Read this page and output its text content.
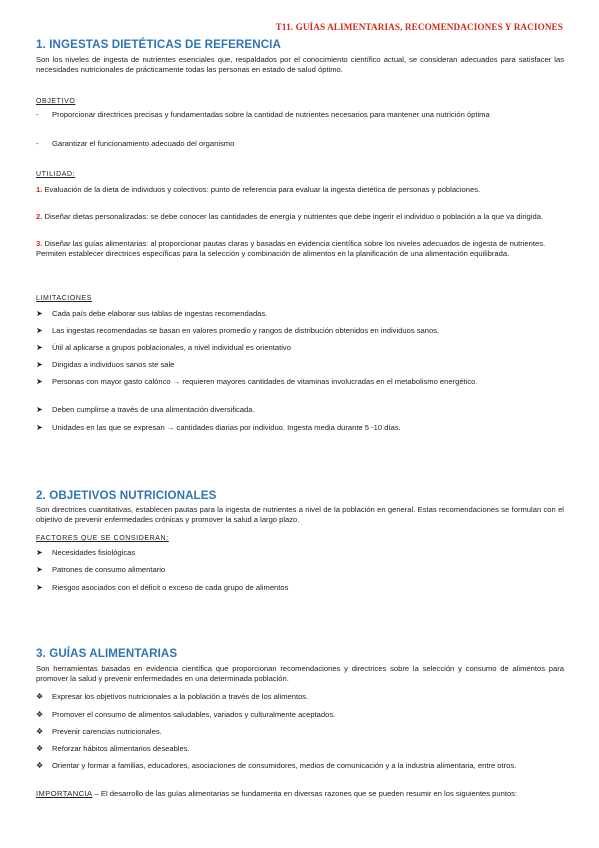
T11. GUÍAS ALIMENTARIAS, RECOMENDACIONES Y RACIONES
1. INGESTAS DIETÉTICAS DE REFERENCIA
Son los niveles de ingesta de nutrientes esenciales que, respaldados por el conocimiento científico actual, se consideran adecuados para satisfacer las necesidades nutricionales de prácticamente todas las personas en estado de salud óptimo.
OBJETIVO
-	Proporcionar directrices precisas y fundamentadas sobre la cantidad de nutrientes necesarios para mantener una nutrición óptima
-	Garantizar el funcionamiento adecuado del organismo
UTILIDAD:
1. Evaluación de la dieta de individuos y colectivos: punto de referencia para evaluar la ingesta dietética de personas y poblaciones.
2. Diseñar dietas personalizadas: se debe conocer las cantidades de energía y nutrientes que debe ingerir el individuo o población a la que va dirigida.
3. Diseñar las guías alimentarias: al proporcionar pautas claras y basadas en evidencia científica sobre los niveles adecuados de ingesta de nutrientes. Permiten establecer directrices específicas para la selección y combinación de alimentos en la planificación de una alimentación equilibrada.
LIMITACIONES
➤	Cada país debe elaborar sus tablas de ingestas recomendadas.
➤	Las ingestas recomendadas se basan en valores promedio y rangos de distribución obtenidos en individuos sanos.
➤	Útil al aplicarse a grupos poblacionales, a nivel individual es orientativo
➤	Dirigidas a individuos sanos ste sale
➤	Personas con mayor gasto calórico → requieren mayores cantidades de vitaminas involucradas en el metabolismo energético.
➤	Deben cumplirse a través de una alimentación diversificada.
➤	Unidades en las que se expresan → cantidades diarias por individuo. Ingesta media durante 5 -10 días.
2. OBJETIVOS NUTRICIONALES
Son directrices cuantitativas, establecen pautas para la ingesta de nutrientes a nivel de la población en general. Estas recomendaciones se formulan con el objetivo de prevenir enfermedades crónicas y promover la salud a largo plazo.
FACTORES QUE SE CONSIDERAN:
➤	Necesidades fisiológicas
➤	Patrones de consumo alimentario
➤	Riesgos asociados con el déficit o exceso de cada grupo de alimentos
3. GUÍAS ALIMENTARIAS
Son herramientas basadas en evidencia científica que proporcionan recomendaciones y directrices sobre la selección y consumo de alimentos para promover la salud y prevenir enfermedades en una determinada población.
❖	Expresar los objetivos nutricionales a la población a través de los alimentos.
❖	Promover el consumo de alimentos saludables, variados y culturalmente aceptados.
❖	Prevenir carencias nutricionales.
❖	Reforzar hábitos alimentarios deseables.
❖	Orientar y formar a familias, educadores, asociaciones de consumidores, medios de comunicación y a la industria alimentaria, entre otros.
IMPORTANCIA – El desarrollo de las guías alimentarias se fundamenta en diversas razones que se pueden resumir en los siguientes puntos:
